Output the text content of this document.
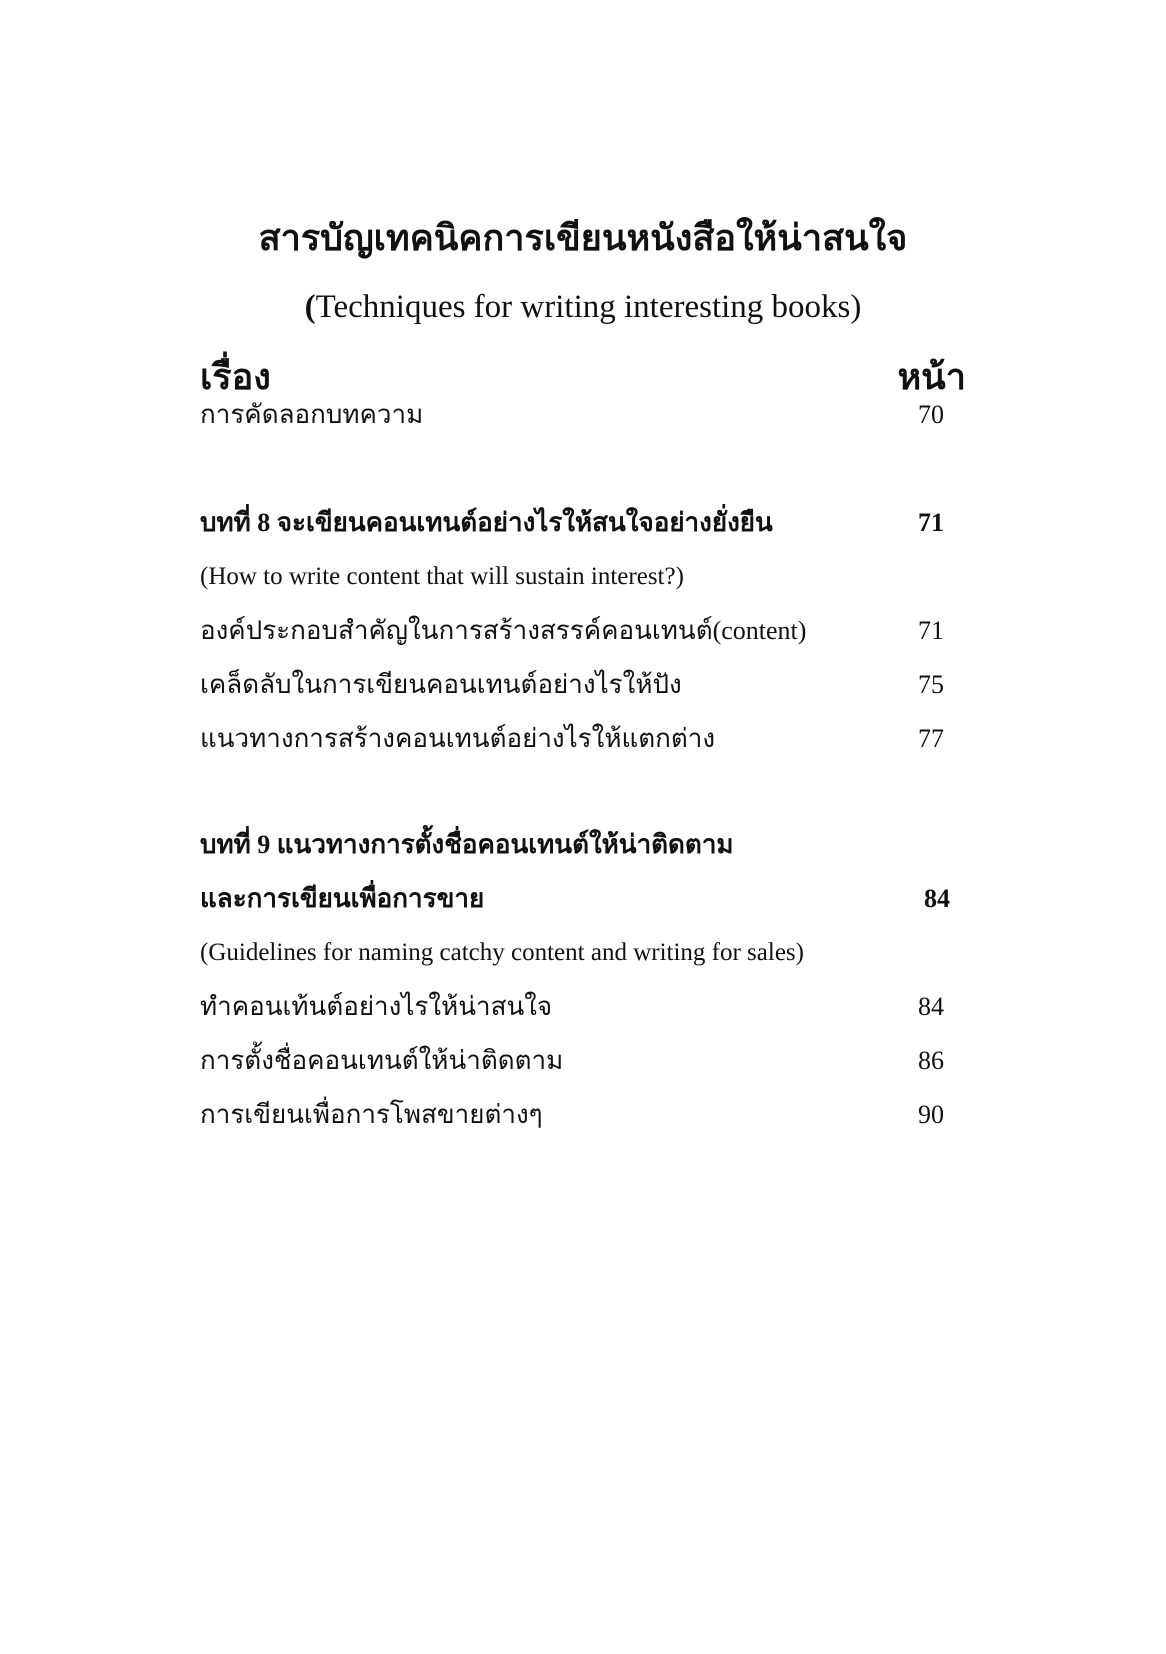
สารบัญเทคนิคการเขียนหนังสือให้น่าสนใจ
(Techniques for writing interesting books)
เรื่อง	หน้า
การคัดลอกบทความ	70
บทที่ 8 จะเขียนคอนเทนต์อย่างไรให้สนใจอย่างยั่งยืน	71
(How to write content that will sustain interest?)
องค์ประกอบสำคัญในการสร้างสรรค์คอนเทนต์(content)	71
เคล็ดลับในการเขียนคอนเทนต์อย่างไรให้ปัง	75
แนวทางการสร้างคอนเทนต์อย่างไรให้แตกต่าง	77
บทที่ 9 แนวทางการตั้งชื่อคอนเทนต์ให้น่าติดตาม
และการเขียนเพื่อการขาย	84
(Guidelines for naming catchy content and writing for sales)
ทำคอนเท้นต์อย่างไรให้น่าสนใจ	84
การตั้งชื่อคอนเทนต์ให้น่าติดตาม	86
การเขียนเพื่อการโพสขายต่างๆ	90
